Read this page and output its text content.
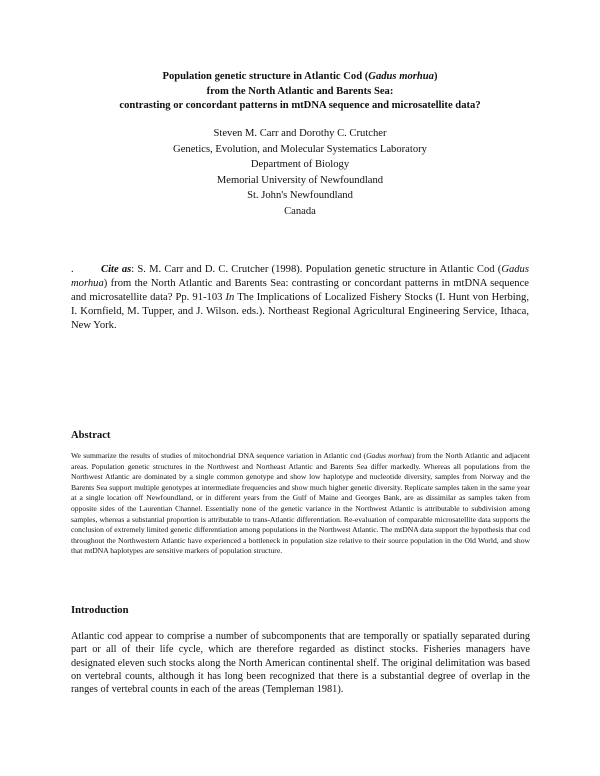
Population genetic structure in Atlantic Cod (Gadus morhua)
from the North Atlantic and Barents Sea:
contrasting or concordant patterns in mtDNA sequence and microsatellite data?
Steven M. Carr and Dorothy C. Crutcher
Genetics, Evolution, and Molecular Systematics Laboratory
Department of Biology
Memorial University of Newfoundland
St. John's Newfoundland
Canada
.	Cite as: S. M. Carr and D. C. Crutcher (1998). Population genetic structure in Atlantic Cod (Gadus morhua) from the North Atlantic and Barents Sea: contrasting or concordant patterns in mtDNA sequence and microsatellite data? Pp. 91-103 In The Implications of Localized Fishery Stocks (I. Hunt von Herbing, I. Kornfield, M. Tupper, and J. Wilson. eds.). Northeast Regional Agricultural Engineering Service, Ithaca, New York.
Abstract
We summarize the results of studies of mitochondrial DNA sequence variation in Atlantic cod (Gadus morhua) from the North Atlantic and adjacent areas. Population genetic structures in the Northwest and Northeast Atlantic and Barents Sea differ markedly. Whereas all populations from the Northwest Atlantic are dominated by a single common genotype and show low haplotype and nucleotide diversity, samples from Norway and the Barents Sea support multiple genotypes at intermediate frequencies and show much higher genetic diversity. Replicate samples taken in the same year at a single location off Newfoundland, or in different years from the Gulf of Maine and Georges Bank, are as dissimilar as samples taken from opposite sides of the Laurentian Channel. Essentially none of the genetic variance in the Northwest Atlantic is attributable to subdivision among samples, whereas a substantial proportion is attributable to trans-Atlantic differentiation. Re-evaluation of comparable microsatellite data supports the conclusion of extremely limited genetic differentiation among populations in the Northwest Atlantic. The mtDNA data support the hypothesis that cod throughout the Northwestern Atlantic have experienced a bottleneck in population size relative to their source population in the Old World, and show that mtDNA haplotypes are sensitive markers of population structure.
Introduction
Atlantic cod appear to comprise a number of subcomponents that are temporally or spatially separated during part or all of their life cycle, which are therefore regarded as distinct stocks. Fisheries managers have designated eleven such stocks along the North American continental shelf. The original delimitation was based on vertebral counts, although it has long been recognized that there is a substantial degree of overlap in the ranges of vertebral counts in each of the areas (Templeman 1981).
